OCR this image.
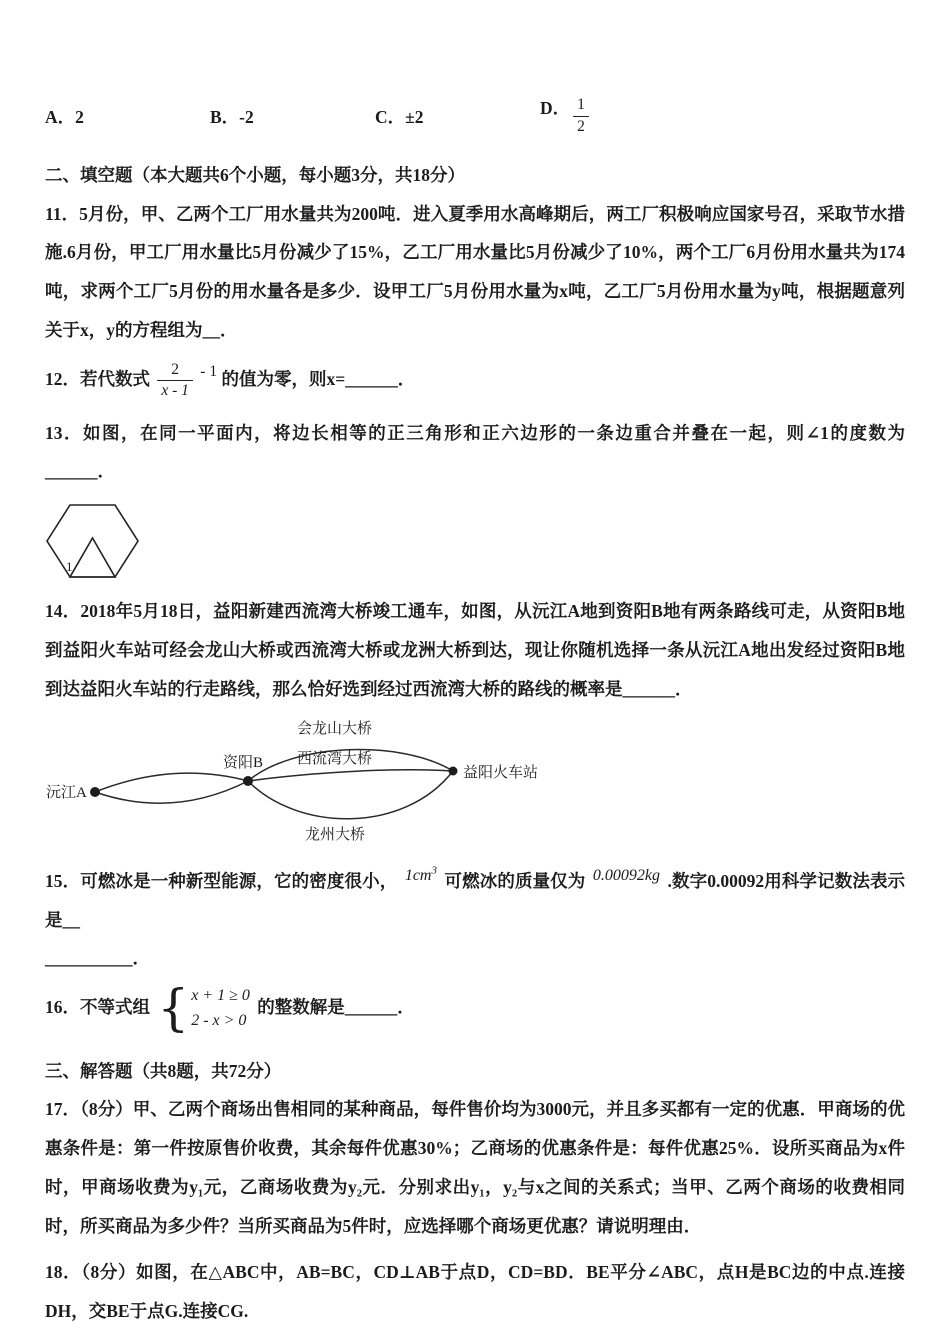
A．2	B．-2	C．±2	D． $\frac{1}{2}$

二、填空题（本大题共6个小题，每小题3分，共18分）

11．5月份，甲、乙两个工厂用水量共为200吨．进入夏季用水高峰期后，两工厂积极响应国家号召，采取节水措施.6月份，甲工厂用水量比5月份减少了15%，乙工厂用水量比5月份减少了10%，两个工厂6月份用水量共为174吨，求两个工厂5月份的用水量各是多少．设甲工厂5月份用水量为x吨，乙工厂5月份用水量为y吨，根据题意列关于x，y的方程组为__．

12．若代数式 $\frac{2}{x - 1} - 1$ 的值为零，则x=______．

13．如图，在同一平面内，将边长相等的正三角形和正六边形的一条边重合并叠在一起，则∠1的度数为______．

1

14．2018年5月18日，益阳新建西流湾大桥竣工通车，如图，从沅江A地到资阳B地有两条路线可走，从资阳B地到益阳火车站可经会龙山大桥或西流湾大桥或龙洲大桥到达，现让你随机选择一条从沅江A地出发经过资阳B地到达益阳火车站的行走路线，那么恰好选到经过西流湾大桥的路线的概率是______．

沅江A
资阳B
益阳火车站
会龙山大桥
西流湾大桥
龙州大桥

15．可燃冰是一种新型能源，它的密度很小， $1cm^3$ 可燃冰的质量仅为 0.00092kg .数字0.00092用科学记数法表示是__

__________．

16．不等式组 { x + 1 ≥ 0
2 - x > 0
的整数解是______．

三、解答题（共8题，共72分）

17．（8分）甲、乙两个商场出售相同的某种商品，每件售价均为3000元，并且多买都有一定的优惠．甲商场的优惠条件是：第一件按原售价收费，其余每件优惠30%；乙商场的优惠条件是：每件优惠25%．设所买商品为x件时，甲商场收费为y₁元，乙商场收费为y₂元．分别求出y₁，y₂与x之间的关系式；当甲、乙两个商场的收费相同时，所买商品为多少件？当所买商品为5件时，应选择哪个商场更优惠？请说明理由．

18．（8分）如图，在△ABC中，AB=BC，CD⊥AB于点D，CD=BD．BE平分∠ABC，点H是BC边的中点.连接DH，交BE于点G.连接CG.
